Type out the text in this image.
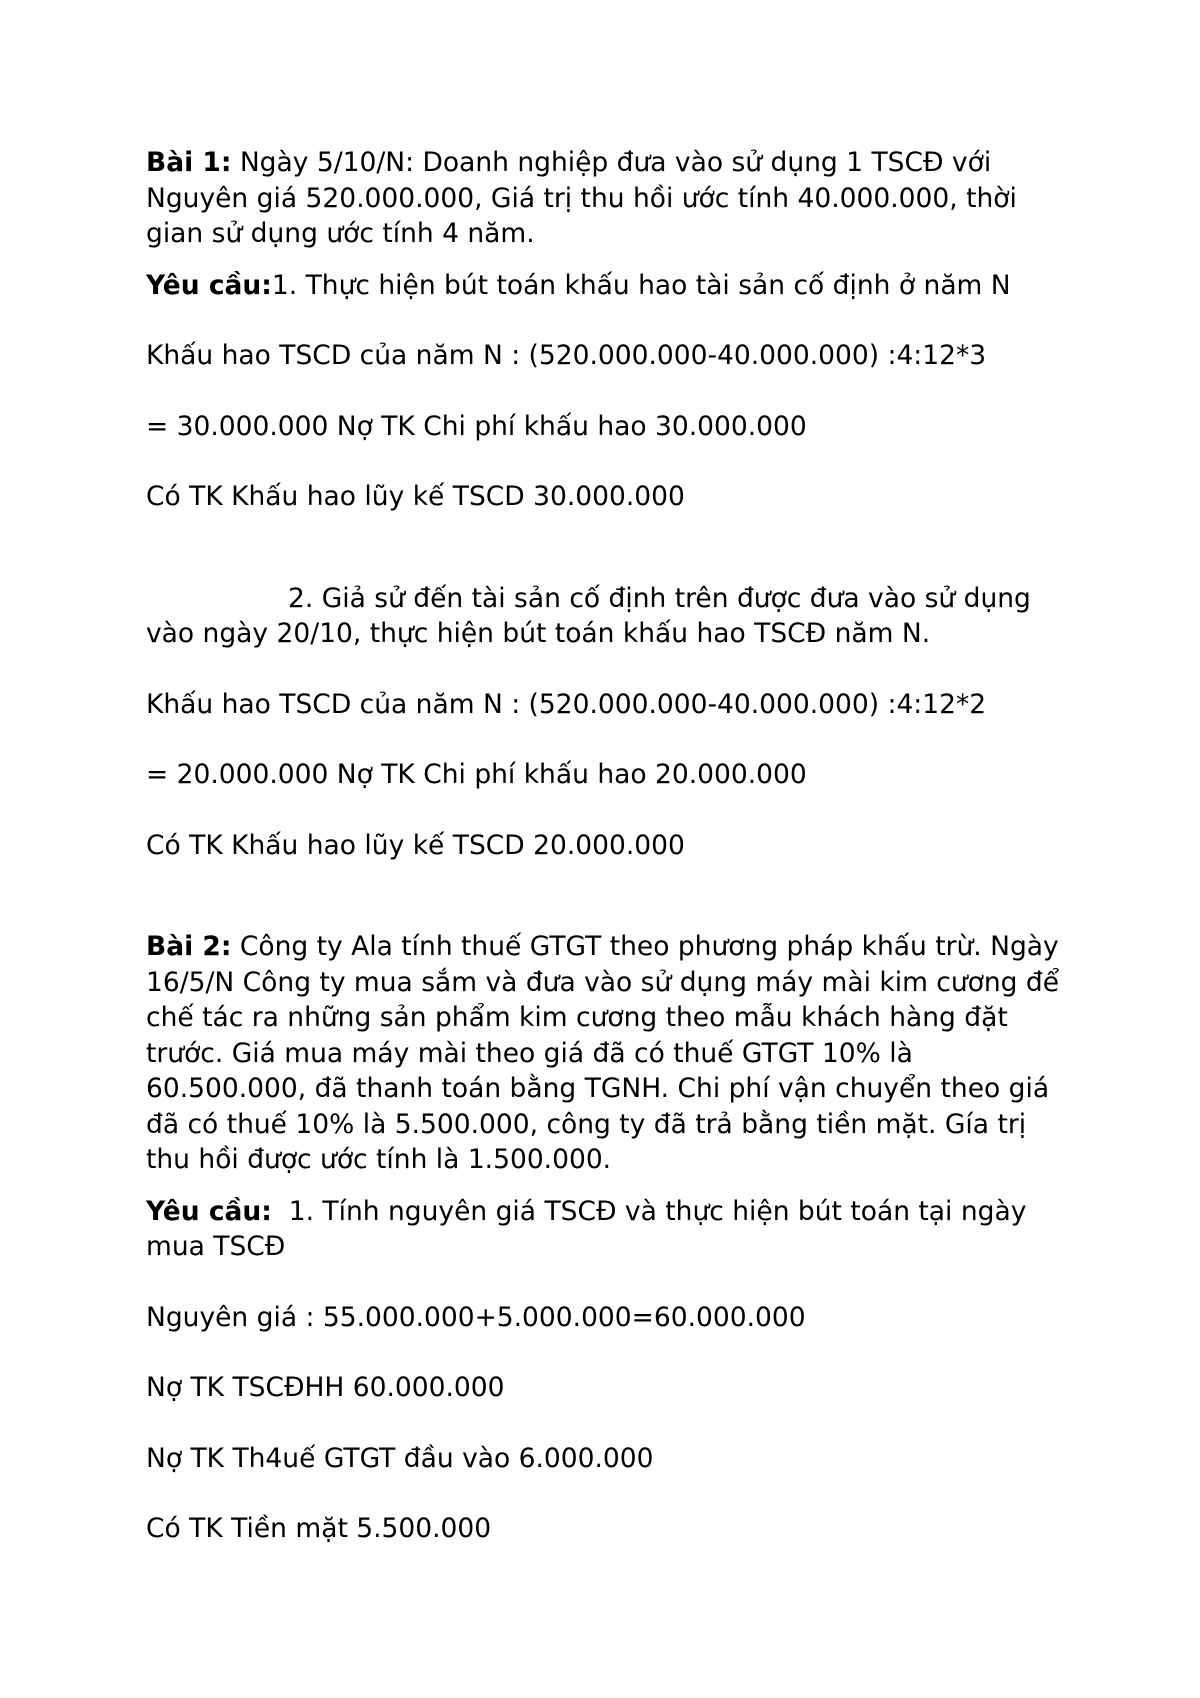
Bài 1: Ngày 5/10/N: Doanh nghiệp đưa vào sử dụng 1 TSCĐ với Nguyên giá 520.000.000, Giá trị thu hồi ước tính 40.000.000, thời gian sử dụng ước tính 4 năm.

Yêu cầu:1. Thực hiện bút toán khấu hao tài sản cố định ở năm N

Khấu hao TSCD của năm N : (520.000.000-40.000.000) :4:12*3

= 30.000.000 Nợ TK Chi phí khấu hao 30.000.000

Có TK Khấu hao lũy kế TSCD 30.000.000

2. Giả sử đến tài sản cố định trên được đưa vào sử dụng vào ngày 20/10, thực hiện bút toán khấu hao TSCĐ năm N.

Khấu hao TSCD của năm N : (520.000.000-40.000.000) :4:12*2

= 20.000.000 Nợ TK Chi phí khấu hao 20.000.000

Có TK Khấu hao lũy kế TSCD 20.000.000

Bài 2: Công ty Ala tính thuế GTGT theo phương pháp khấu trừ. Ngày 16/5/N Công ty mua sắm và đưa vào sử dụng máy mài kim cương để chế tác ra những sản phẩm kim cương theo mẫu khách hàng đặt trước. Giá mua máy mài theo giá đã có thuế GTGT 10% là 60.500.000, đã thanh toán bằng TGNH. Chi phí vận chuyển theo giá đã có thuế 10% là 5.500.000, công ty đã trả bằng tiền mặt. Gía trị thu hồi được ước tính là 1.500.000.

Yêu cầu:  1. Tính nguyên giá TSCĐ và thực hiện bút toán tại ngày mua TSCĐ

Nguyên giá : 55.000.000+5.000.000=60.000.000

Nợ TK TSCĐHH 60.000.000

Nợ TK Th4uế GTGT đầu vào 6.000.000

Có TK Tiền mặt 5.500.000
